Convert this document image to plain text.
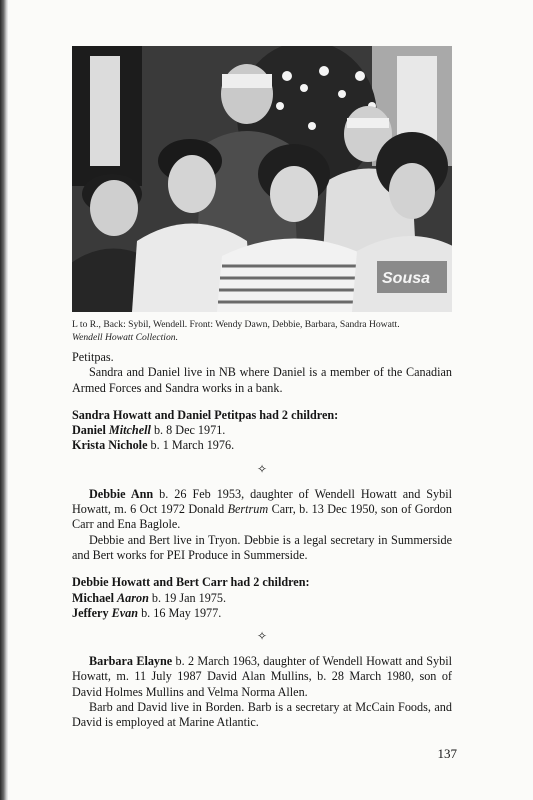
Sousa
L to R., Back: Sybil, Wendell. Front: Wendy Dawn, Debbie, Barbara, Sandra Howatt.
Wendell Howatt Collection.

Petitpas.

Sandra and Daniel live in NB where Daniel is a member of the Canadian Armed Forces and Sandra works in a bank.

Sandra Howatt and Daniel Petitpas had 2 children:

Daniel Mitchell b. 8 Dec 1971.

Krista Nichole b. 1 March 1976.

✧

Debbie Ann b. 26 Feb 1953, daughter of Wendell Howatt and Sybil Howatt, m. 6 Oct 1972 Donald Bertrum Carr, b. 13 Dec 1950, son of Gordon Carr and Ena Baglole.

Debbie and Bert live in Tryon. Debbie is a legal secretary in Summerside and Bert works for PEI Produce in Summerside.

Debbie Howatt and Bert Carr had 2 children:

Michael Aaron b. 19 Jan 1975.

Jeffery Evan b. 16 May 1977.

✧

Barbara Elayne b. 2 March 1963, daughter of Wendell Howatt and Sybil Howatt, m. 11 July 1987 David Alan Mullins, b. 28 March 1980, son of David Holmes Mullins and Velma Norma Allen.

Barb and David live in Borden. Barb is a secretary at McCain Foods, and David is employed at Marine Atlantic.

137
